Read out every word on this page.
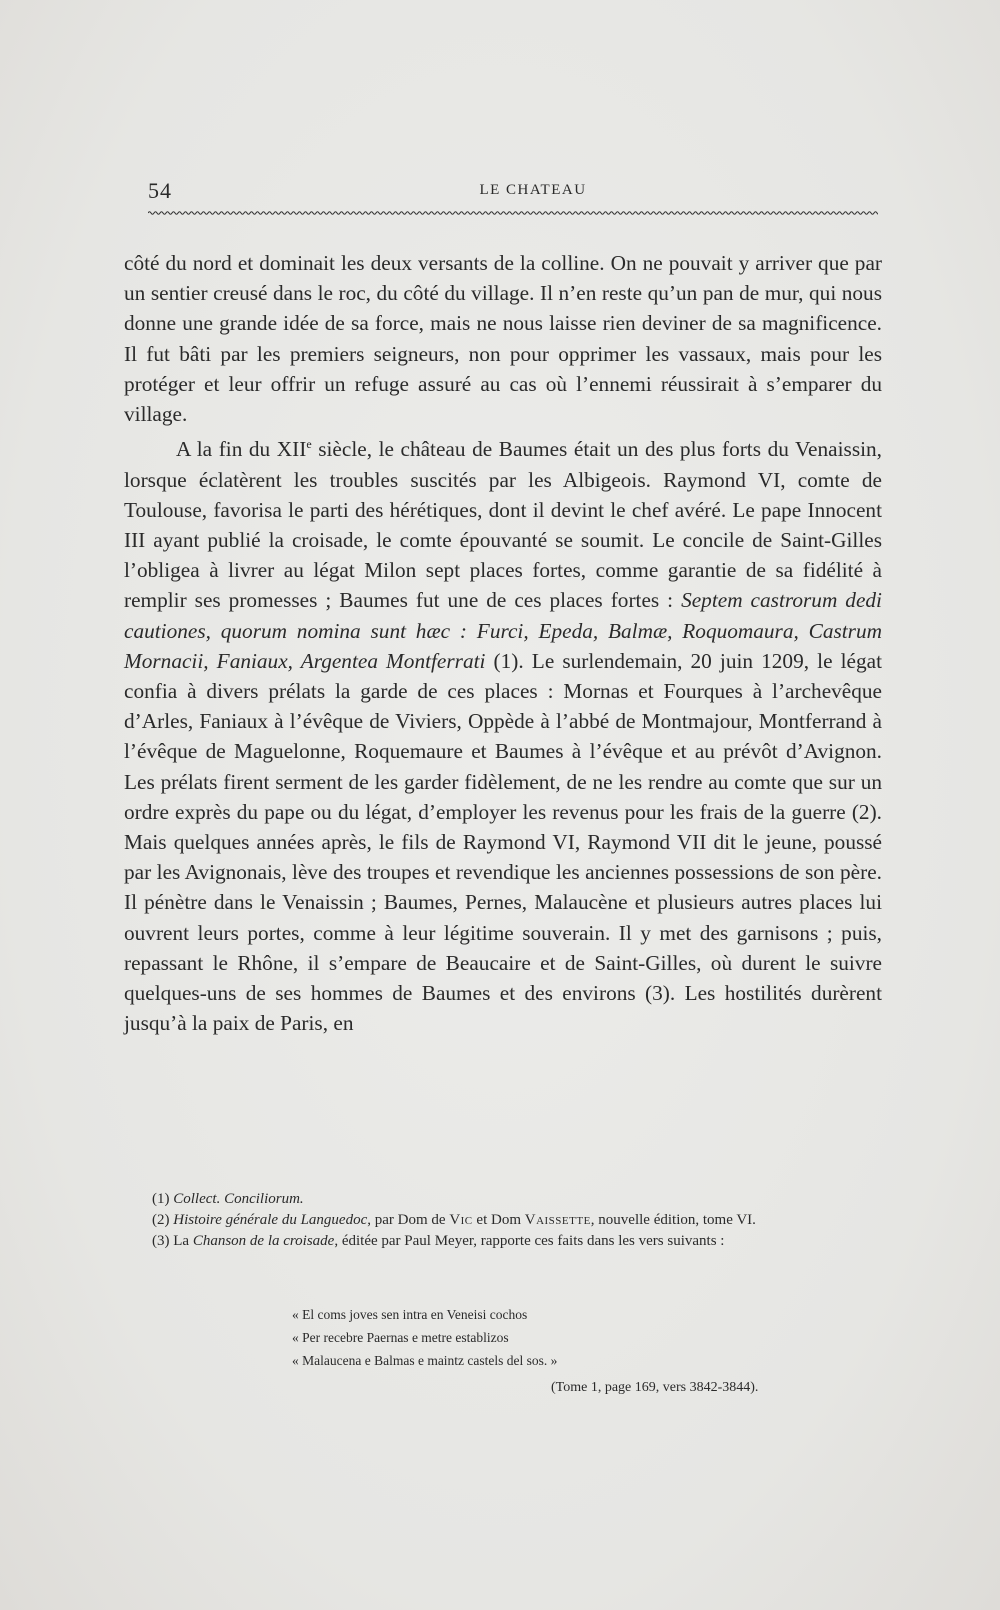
54	LE CHATEAU

côté du nord et dominait les deux versants de la colline. On ne pouvait y arriver que par un sentier creusé dans le roc, du côté du village. Il n’en reste qu’un pan de mur, qui nous donne une grande idée de sa force, mais ne nous laisse rien deviner de sa magnificence. Il fut bâti par les premiers seigneurs, non pour opprimer les vassaux, mais pour les protéger et leur offrir un refuge assuré au cas où l’ennemi réussirait à s’emparer du village.

A la fin du XIIe siècle, le château de Baumes était un des plus forts du Venaissin, lorsque éclatèrent les troubles suscités par les Albigeois. Raymond VI, comte de Toulouse, favorisa le parti des hérétiques, dont il devint le chef avéré. Le pape Innocent III ayant publié la croisade, le comte épouvanté se soumit. Le concile de Saint-Gilles l’obligea à livrer au légat Milon sept places fortes, comme garantie de sa fidélité à remplir ses promesses ; Baumes fut une de ces places fortes : Septem castrorum dedi cautiones, quorum nomina sunt hæc : Furci, Epeda, Balmæ, Roquomaura, Castrum Mornacii, Faniaux, Argentea Montferrati (1). Le surlendemain, 20 juin 1209, le légat confia à divers prélats la garde de ces places : Mornas et Fourques à l’archevêque d’Arles, Faniaux à l’évêque de Viviers, Oppède à l’abbé de Montmajour, Montferrand à l’évêque de Maguelonne, Roquemaure et Baumes à l’évêque et au prévôt d’Avignon. Les prélats firent serment de les garder fidèlement, de ne les rendre au comte que sur un ordre exprès du pape ou du légat, d’employer les revenus pour les frais de la guerre (2). Mais quelques années après, le fils de Raymond VI, Raymond VII dit le jeune, poussé par les Avignonais, lève des troupes et revendique les anciennes possessions de son père. Il pénètre dans le Venaissin ; Baumes, Pernes, Malaucène et plusieurs autres places lui ouvrent leurs portes, comme à leur légitime souverain. Il y met des garnisons ; puis, repassant le Rhône, il s’empare de Beaucaire et de Saint-Gilles, où durent le suivre quelques-uns de ses hommes de Baumes et des environs (3). Les hostilités durèrent jusqu’à la paix de Paris, en

(1) Collect. Conciliorum.

(2) Histoire générale du Languedoc, par Dom de Vic et Dom Vaissette, nouvelle édition, tome VI.

(3) La Chanson de la croisade, éditée par Paul Meyer, rapporte ces faits dans les vers suivants :

« El coms joves sen intra en Veneisi cochos
« Per recebre Paernas e metre establizos
« Malaucena e Balmas e maintz castels del sos. »
(Tome 1, page 169, vers 3842-3844).
